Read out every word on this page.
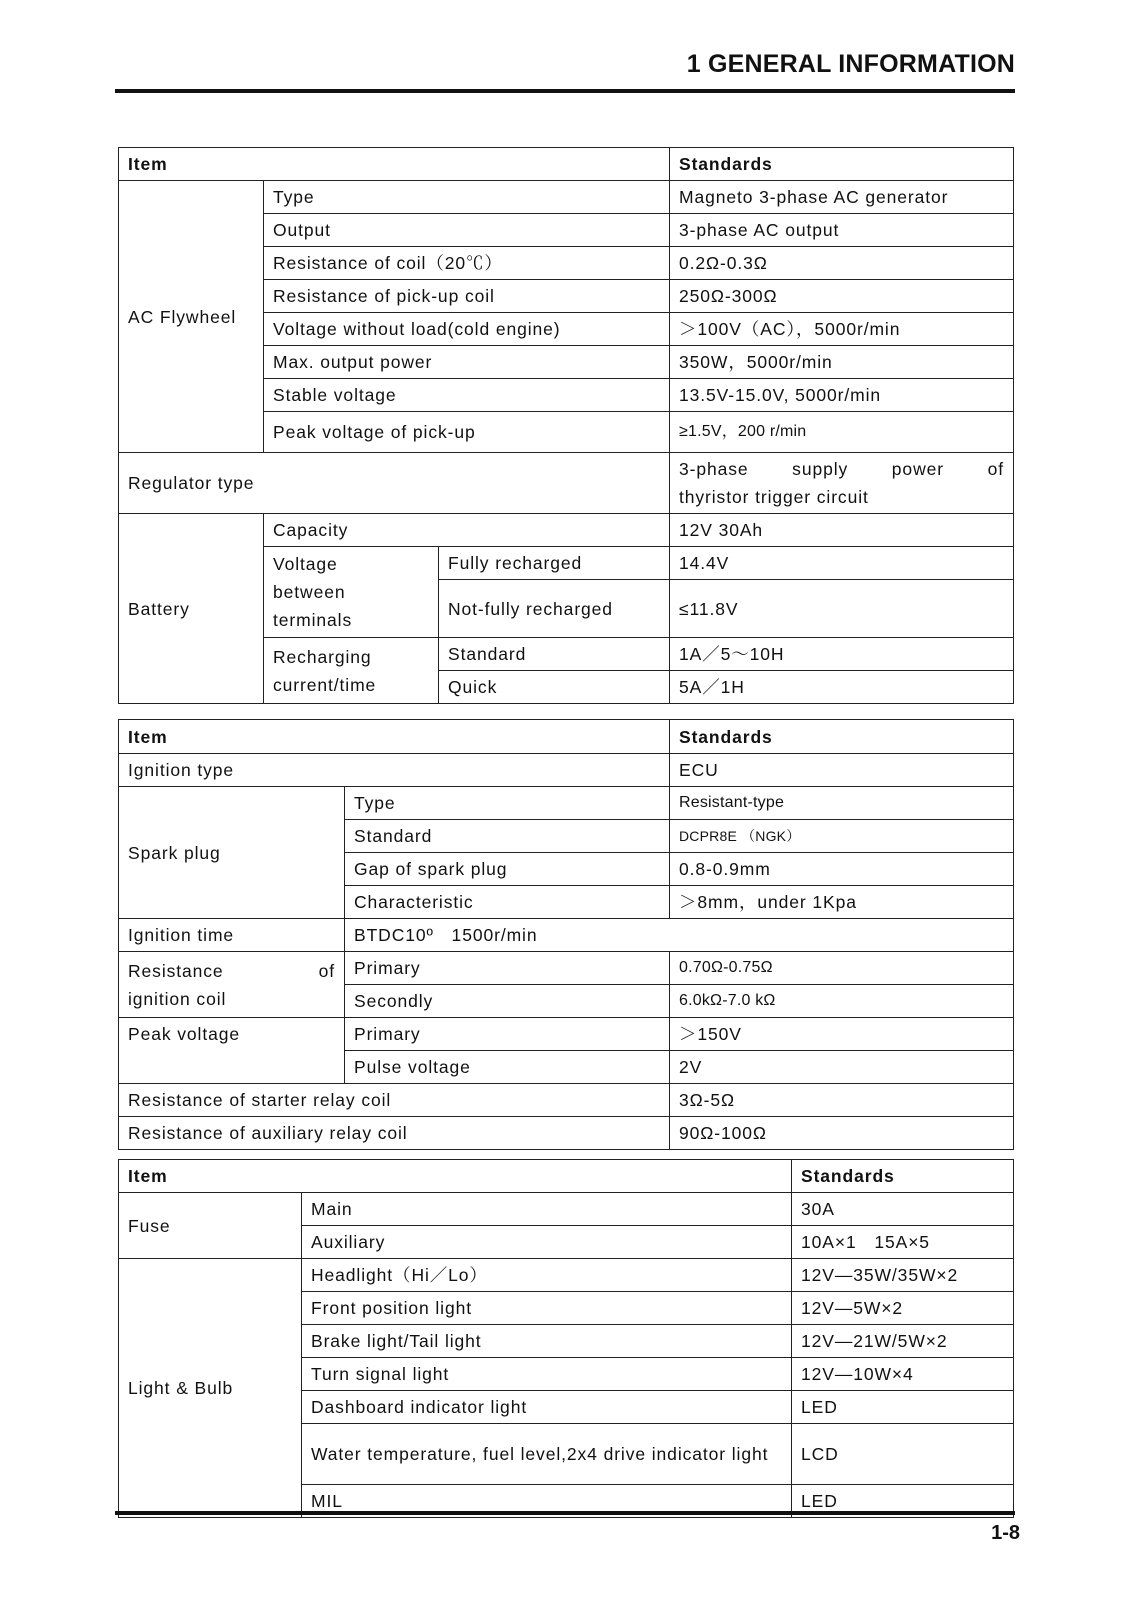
1 GENERAL INFORMATION
Item			Standards
AC Flywheel	Type		Magneto 3-phase AC generator
	Output		3-phase AC output
	Resistance of coil（20℃）		0.2Ω-0.3Ω
	Resistance of pick-up coil		250Ω-300Ω
	Voltage without load(cold engine)		＞100V（AC），5000r/min
	Max. output power		350W，5000r/min
	Stable voltage		13.5V-15.0V, 5000r/min
	Peak voltage of pick-up		≥1.5V，200 r/min
Regulator type			3-phase supply power of
thyristor trigger circuit

Battery	Capacity		12V 30Ah

	Voltage
between
terminals	Fully recharged	14.4V
		Not-fully recharged	≤11.8V

	Recharging
current/time	Standard	1A／5～10H
		Quick	5A／1H
Item		Standards
Ignition type		ECU
Spark plug	Type	Resistant-type
	Standard	DCPR8E （NGK）
	Gap of spark plug	0.8-0.9mm
	Characteristic	＞8mm，under 1Kpa
Ignition time	BTDC10º 1500r/min	

Resistance of
ignition coil	Primary	0.70Ω-0.75Ω
	Secondly	6.0kΩ-7.0 kΩ
Peak voltage	Primary	＞150V
	Pulse voltage	2V
Resistance of starter relay coil		3Ω-5Ω
Resistance of auxiliary relay coil		90Ω-100Ω
Item		Standards
Fuse	Main	30A
	Auxiliary	10A×1 15A×5
Light & Bulb	Headlight（Hi／Lo）	12V—35W/35W×2
	Front position light	12V—5W×2
	Brake light/Tail light	12V—21W/5W×2
	Turn signal light	12V—10W×4
	Dashboard indicator light	LED
	Water temperature, fuel level,2x4 drive indicator light	LCD
	MIL	LED
1-8
